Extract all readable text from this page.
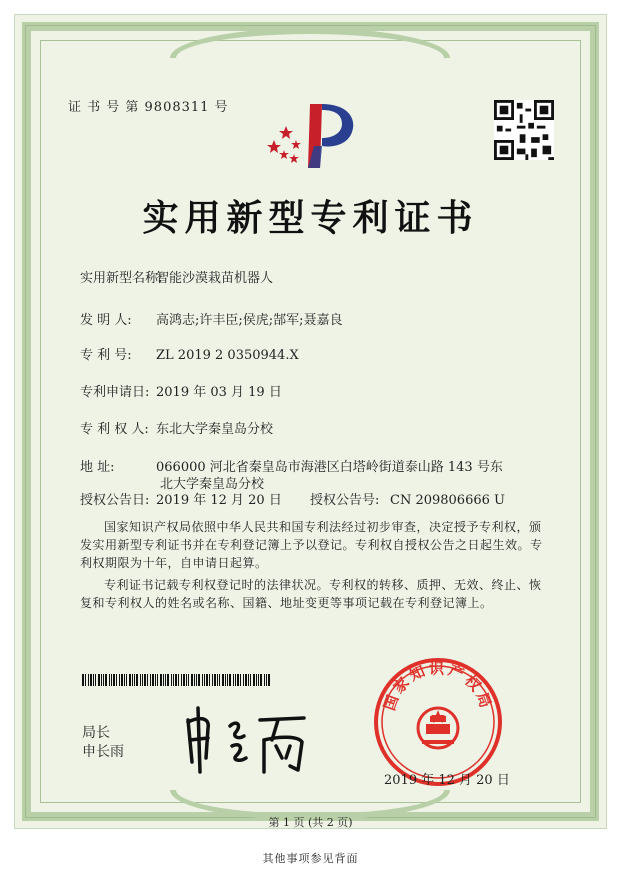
证 书 号 第 9808311 号
实用新型专利证书
实用新型名称:智能沙漠栽苗机器人
发 明 人: 高鸿志;许丰臣;侯虎;郜军;聂嘉良
专 利 号: ZL 2019 2 0350944.X
专利申请日: 2019 年 03 月 19 日
专 利 权 人: 东北大学秦皇岛分校
地 址:	066000 河北省秦皇岛市海港区白塔岭街道泰山路 143 号东
北大学秦皇岛分校
授权公告日: 2019 年 12 月 20 日 授权公告号: CN 209806666 U
国家知识产权局依照中华人民共和国专利法经过初步审查，决定授予专利权，颁发实用新型专利证书并在专利登记簿上予以登记。专利权自授权公告之日起生效。专利权期限为十年，自申请日起算。
专利证书记载专利权登记时的法律状况。专利权的转移、质押、无效、终止、恢复和专利权人的姓名或名称、国籍、地址变更等事项记载在专利登记簿上。
局长
申长雨
国家知识产权局
2019 年 12 月 20 日
第 1 页 (共 2 页)
其他事项参见背面
